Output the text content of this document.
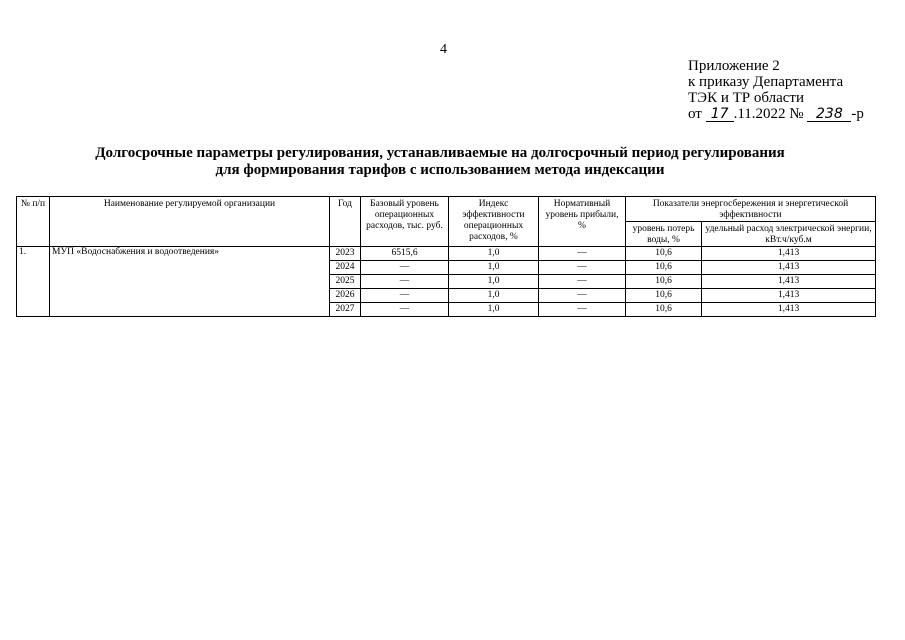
4
Приложение 2
к приказу Департамента
ТЭК и ТР области
от 17 .11.2022 № 238 -р
Долгосрочные параметры регулирования, устанавливаемые на долгосрочный период регулирования
для формирования тарифов с использованием метода индексации
№ п/п	Наименование регулируемой организации	Год	Базовый уровень операционных расходов, тыс. руб.	Индекс эффективности операционных расходов, %	Нормативный уровень прибыли, %	Показатели энергосбережения и энергетической эффективности	
						уровень потерь воды, %	удельный расход электрической энергии, кВт.ч/куб.м
1.	МУП «Водоснабжения и водоотведения»	2023	6515,6	1,0	—	10,6	1,413
		2024	—	1,0	—	10,6	1,413
		2025	—	1,0	—	10,6	1,413
		2026	—	1,0	—	10,6	1,413
		2027	—	1,0	—	10,6	1,413
